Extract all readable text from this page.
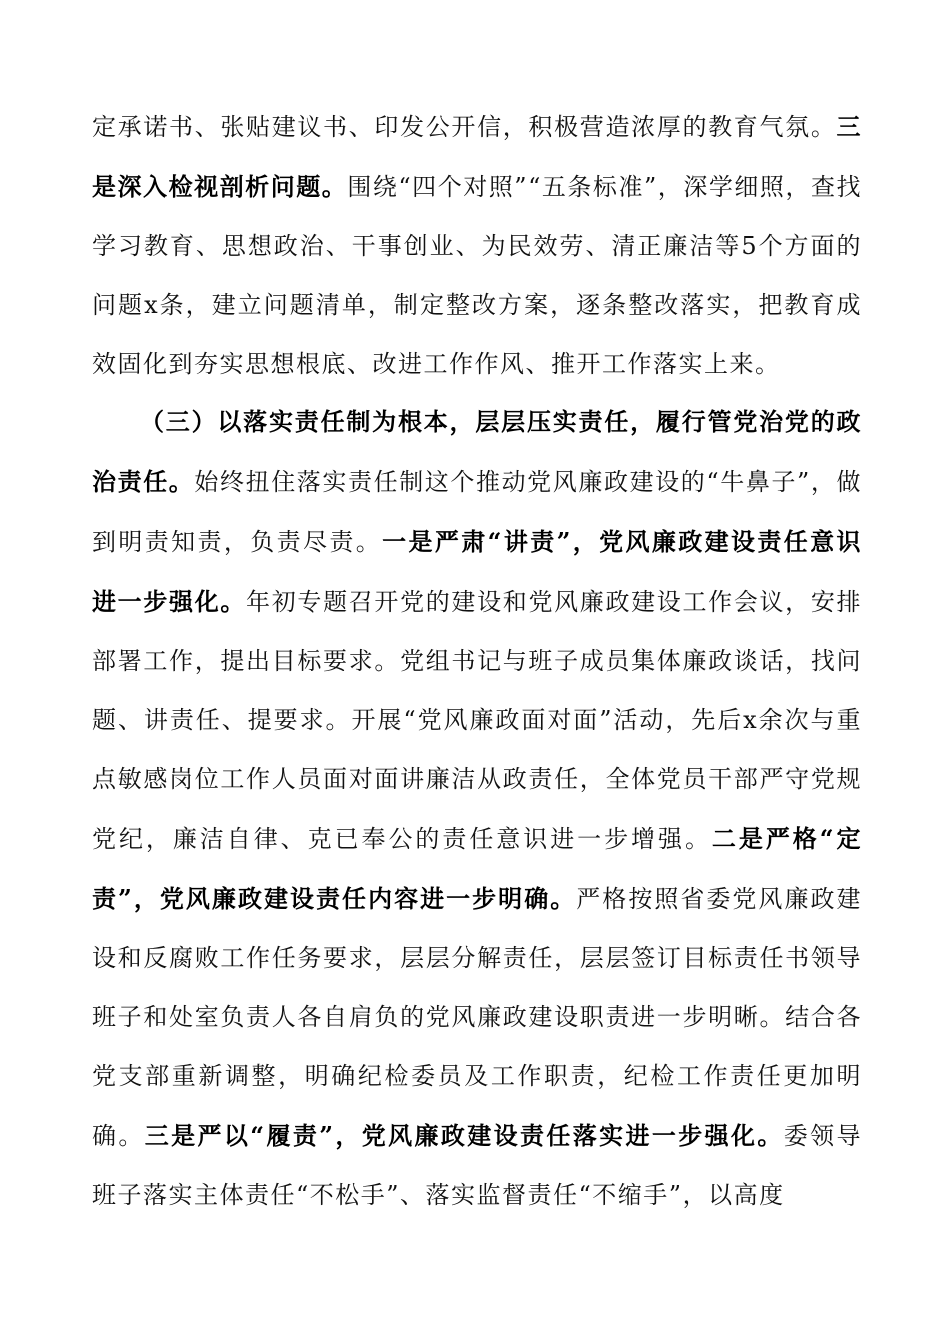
定承诺书、张贴建议书、印发公开信，积极营造浓厚的教育气氛。三是深入检视剖析问题。围绕“四个对照”“五条标准”，深学细照，查找学习教育、思想政治、干事创业、为民效劳、清正廉洁等5个方面的问题x条，建立问题清单，制定整改方案，逐条整改落实，把教育成效固化到夯实思想根底、改进工作作风、推开工作落实上来。

（三）以落实责任制为根本，层层压实责任，履行管党治党的政治责任。始终扭住落实责任制这个推动党风廉政建设的“牛鼻子”，做到明责知责，负责尽责。一是严肃“讲责”，党风廉政建设责任意识进一步强化。年初专题召开党的建设和党风廉政建设工作会议，安排部署工作，提出目标要求。党组书记与班子成员集体廉政谈话，找问题、讲责任、提要求。开展“党风廉政面对面”活动，先后x余次与重点敏感岗位工作人员面对面讲廉洁从政责任，全体党员干部严守党规党纪，廉洁自律、克已奉公的责任意识进一步增强。二是严格“定责”，党风廉政建设责任内容进一步明确。严格按照省委党风廉政建设和反腐败工作任务要求，层层分解责任，层层签订目标责任书领导班子和处室负责人各自肩负的党风廉政建设职责进一步明晰。结合各党支部重新调整，明确纪检委员及工作职责，纪检工作责任更加明确。三是严以“履责”，党风廉政建设责任落实进一步强化。委领导班子落实主体责任“不松手”、落实监督责任“不缩手”，以高度
